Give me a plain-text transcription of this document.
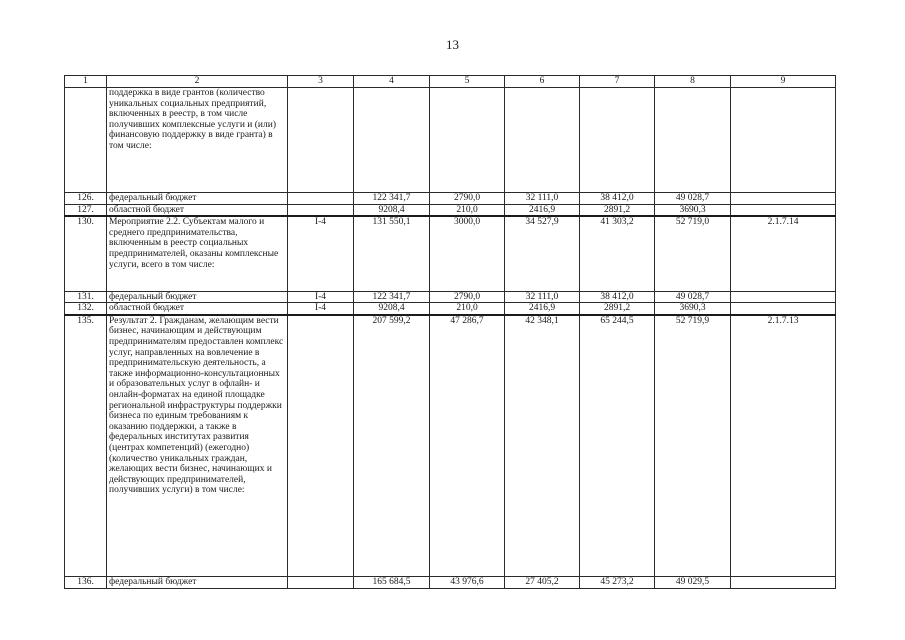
13
1	2	3	4	5	6	7	8	9
	поддержка в виде грантов (количество уникальных социальных предприятий, включенных в реестр, в том числе получивших комплексные услуги и (или) финансовую поддержку в виде гранта) в том числе:							
126.	федеральный бюджет		122 341,7	2790,0	32 111,0	38 412,0	49 028,7	
127.	областной бюджет		9208,4	210,0	2416,9	2891,2	3690,3	
130.	Мероприятие 2.2. Субъектам малого и среднего предпринимательства, включенным в реестр социальных предпринимателей, оказаны комплексные услуги, всего в том числе:	I-4	131 550,1	3000,0	34 527,9	41 303,2	52 719,0	2.1.7.14
131.	федеральный бюджет	I-4	122 341,7	2790,0	32 111,0	38 412,0	49 028,7	
132.	областной бюджет	I-4	9208,4	210,0	2416,9	2891,2	3690,3	
135.	Результат 2. Гражданам, желающим вести бизнес, начинающим и действующим предпринимателям предоставлен комплекс услуг, направленных на вовлечение в предпринимательскую деятельность, а также информационно-консультационных и образовательных услуг в офлайн- и онлайн-форматах на единой площадке региональной инфраструктуры поддержки бизнеса по единым требованиям к оказанию поддержки, а также в федеральных институтах развития (центрах компетенций) (ежегодно) (количество уникальных граждан, желающих вести бизнес, начинающих и действующих предпринимателей, получивших услуги) в том числе:		207 599,2	47 286,7	42 348,1	65 244,5	52 719,9	2.1.7.13
136.	федеральный бюджет		165 684,5	43 976,6	27 405,2	45 273,2	49 029,5	
